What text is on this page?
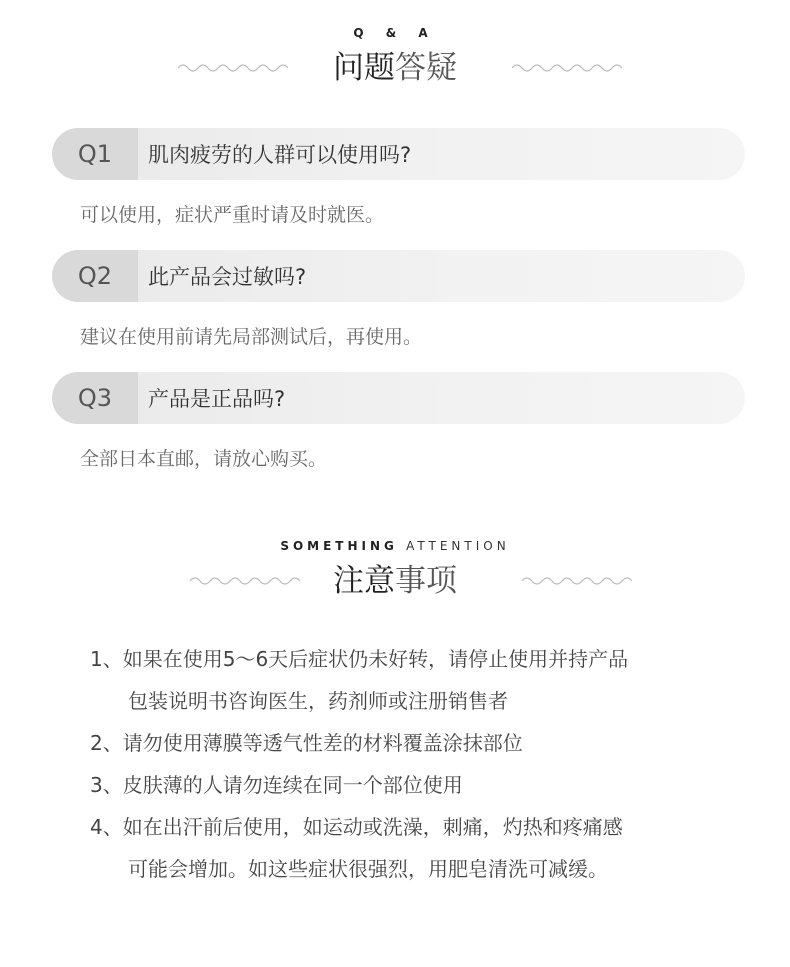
Q & A
问题答疑
Q1	肌肉疲劳的人群可以使用吗?
可以使用，症状严重时请及时就医。
Q2	此产品会过敏吗?
建议在使用前请先局部测试后，再使用。
Q3	产品是正品吗?
全部日本直邮，请放心购买。
SOMETHING ATTENTION
注意事项
1、如果在使用5～6天后症状仍未好转，请停止使用并持产品
包装说明书咨询医生，药剂师或注册销售者
2、请勿使用薄膜等透气性差的材料覆盖涂抹部位
3、皮肤薄的人请勿连续在同一个部位使用
4、如在出汗前后使用，如运动或洗澡，刺痛，灼热和疼痛感
可能会增加。如这些症状很强烈，用肥皂清洗可减缓。
